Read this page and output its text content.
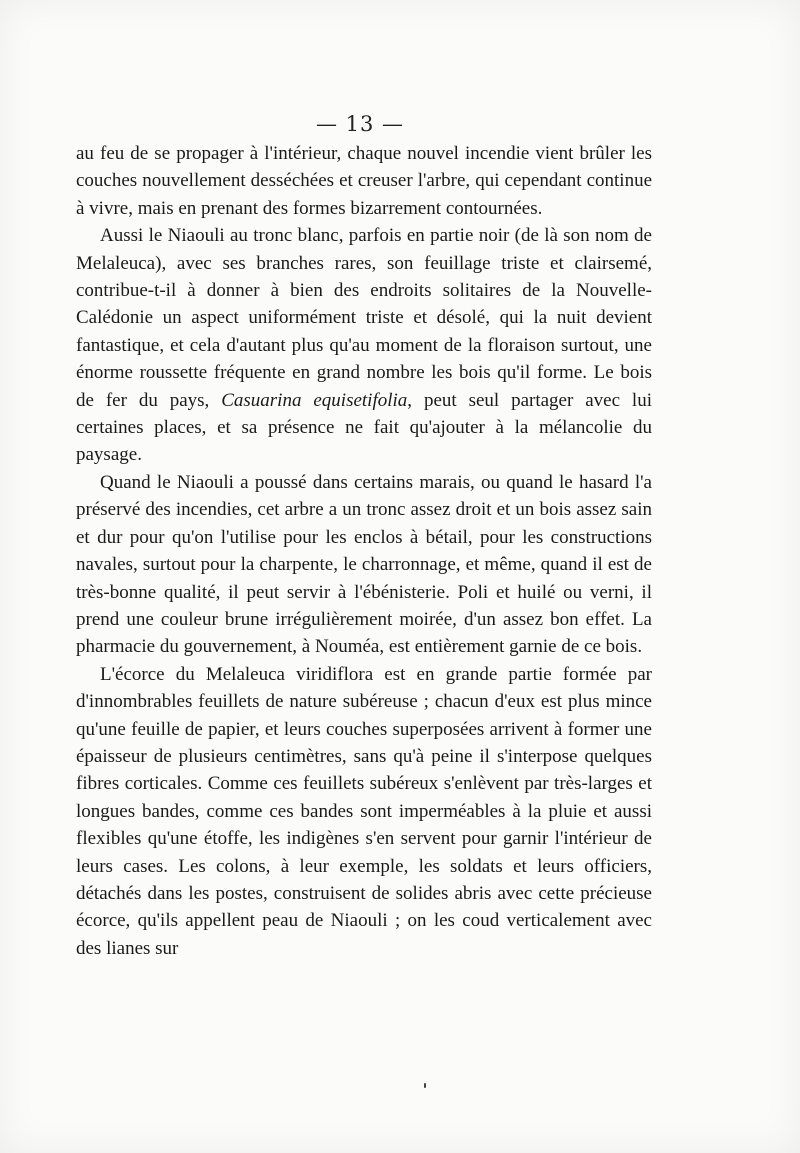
— 13 —

au feu de se propager à l'intérieur, chaque nouvel incendie vient brûler les couches nouvellement desséchées et creuser l'arbre, qui cependant continue à vivre, mais en prenant des formes bizarrement contournées.

Aussi le Niaouli au tronc blanc, parfois en partie noir (de là son nom de Melaleuca), avec ses branches rares, son feuillage triste et clairsemé, contribue-t-il à donner à bien des endroits solitaires de la Nouvelle-Calédonie un aspect uniformément triste et désolé, qui la nuit devient fantastique, et cela d'autant plus qu'au moment de la floraison surtout, une énorme roussette fréquente en grand nombre les bois qu'il forme. Le bois de fer du pays, Casuarina equisetifolia, peut seul partager avec lui certaines places, et sa présence ne fait qu'ajouter à la mélancolie du paysage.

Quand le Niaouli a poussé dans certains marais, ou quand le hasard l'a préservé des incendies, cet arbre a un tronc assez droit et un bois assez sain et dur pour qu'on l'utilise pour les enclos à bétail, pour les constructions navales, surtout pour la charpente, le charronnage, et même, quand il est de très-bonne qualité, il peut servir à l'ébénisterie. Poli et huilé ou verni, il prend une couleur brune irrégulièrement moirée, d'un assez bon effet. La pharmacie du gouvernement, à Nouméa, est entièrement garnie de ce bois.

L'écorce du Melaleuca viridiflora est en grande partie formée par d'innombrables feuillets de nature subéreuse ; chacun d'eux est plus mince qu'une feuille de papier, et leurs couches superposées arrivent à former une épaisseur de plusieurs centimètres, sans qu'à peine il s'interpose quelques fibres corticales. Comme ces feuillets subéreux s'enlèvent par très-larges et longues bandes, comme ces bandes sont imperméables à la pluie et aussi flexibles qu'une étoffe, les indigènes s'en servent pour garnir l'intérieur de leurs cases. Les colons, à leur exemple, les soldats et leurs officiers, détachés dans les postes, construisent de solides abris avec cette précieuse écorce, qu'ils appellent peau de Niaouli ; on les coud verticalement avec des lianes sur
